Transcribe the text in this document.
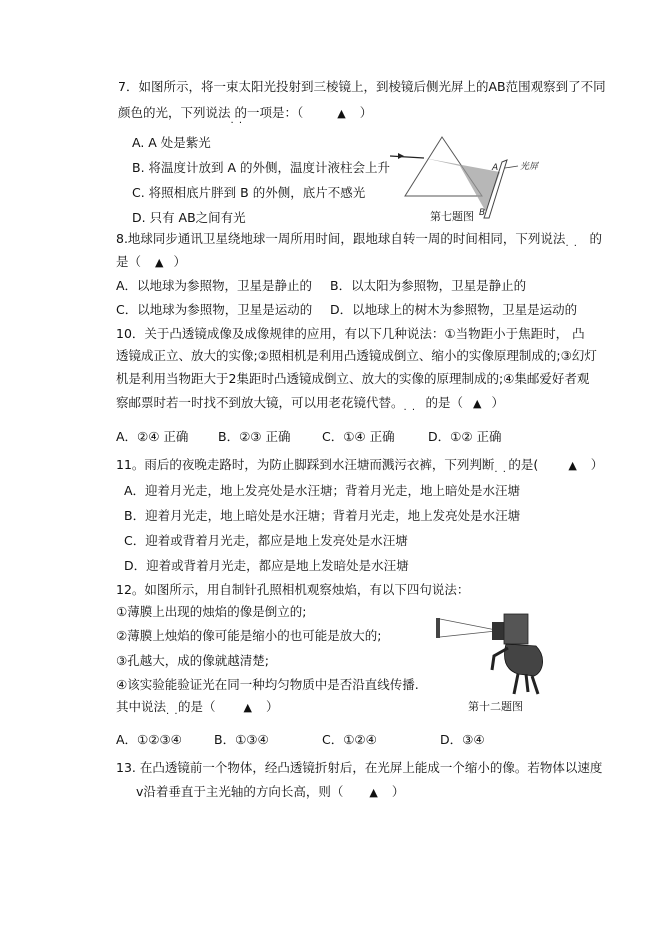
7．如图所示，将一束太阳光投射到三棱镜上，到棱镜后侧光屏上的AB范围观察到了不同
颜色的光，下列说法 · · 的一项是：（	▲ ）
A. A 处是紫光
B. 将温度计放到 A 的外侧，温度计液柱会上升
C. 将照相底片胖到 B 的外侧，底片不感光
D. 只有 AB之间有光
A
B
光屏
第七题图
8.地球同步通讯卫星绕地球一周所用时间，跟地球自转一周的时间相同，下列说法 的
是（ ▲ ）
A．以地球为参照物，卫星是静止的 B．以太阳为参照物，卫星是静止的
C．以地球为参照物，卫星是运动的 D．以地球上的树木为参照物，卫星是运动的
10．关于凸透镜成像及成像规律的应用，有以下几种说法：①当物距小于焦距时， 凸
透镜成正立、放大的实像;②照相机是利用凸透镜成倒立、缩小的实像原理制成的;③幻灯
机是利用当物距大于2集距时凸透镜成倒立、放大的实像的原理制成的;④集邮爱好者观
察邮票时若一时找不到放大镜，可以用老花镜代替。 的是（ ▲ ）
A．②④ 正确 B．②③ 正确	C．①④ 正确	D．①② 正确
11。雨后的夜晚走路时，为防止脚踩到水汪塘而溅污衣裤，下列判断 的是(	▲ ）
A．迎着月光走，地上发亮处是水汪塘；背着月光走，地上暗处是水汪塘
B．迎着月光走，地上暗处是水汪塘；背着月光走，地上发亮处是水汪塘
C．迎着或背着月光走，都应是地上发亮处是水汪塘
D．迎着或背着月光走，都应是地上发暗处是水汪塘
12。如图所示，用自制针孔照相机观察烛焰，有以下四句说法：
①薄膜上出现的烛焰的像是倒立的;
②薄膜上烛焰的像可能是缩小的也可能是放大的;
③孔越大，成的像就越清楚;
④该实验能验证光在同一种均匀物质中是否沿直线传播.
其中说法 的是（	▲ ）	第十二题图
A．①②③④	B．①③④	C．①②④	D．③④
13. 在凸透镜前一个物体，经凸透镜折射后，在光屏上能成一个缩小的像。若物体以速度
v沿着垂直于主光轴的方向长高，则（ ▲ ）
